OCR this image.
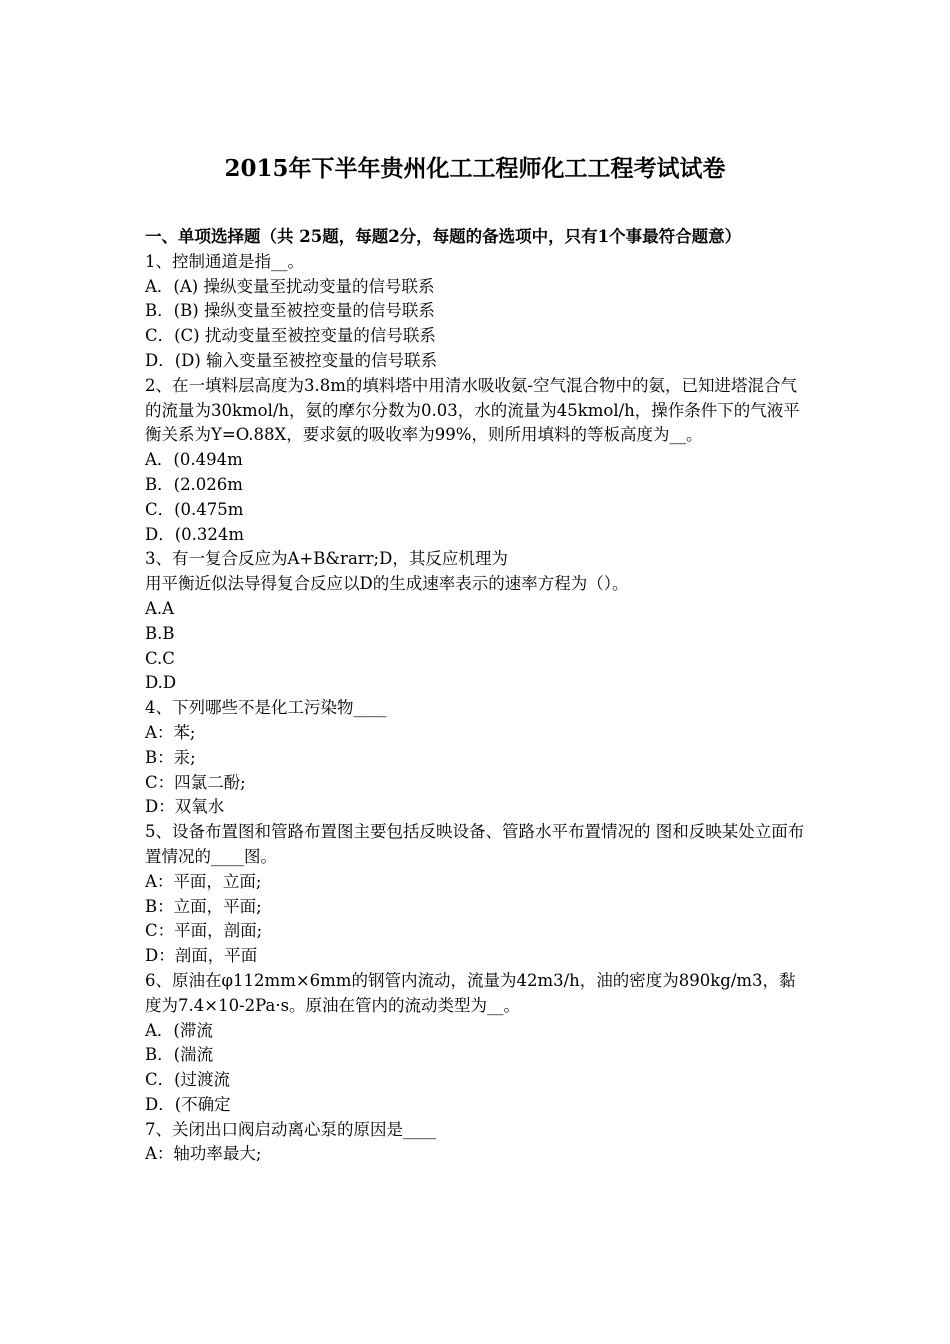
2015年下半年贵州化工工程师化工工程考试试卷
一、单项选择题（共 25题，每题2分，每题的备选项中，只有1个事最符合题意）
1、控制通道是指__。
A．(A) 操纵变量至扰动变量的信号联系
B．(B) 操纵变量至被控变量的信号联系
C．(C) 扰动变量至被控变量的信号联系
D．(D) 输入变量至被控变量的信号联系
2、在一填料层高度为3.8m的填料塔中用清水吸收氨-空气混合物中的氨，已知进塔混合气的流量为30kmol/h，氨的摩尔分数为0.03，水的流量为45kmol/h，操作条件下的气液平衡关系为Y=O.88X，要求氨的吸收率为99%，则所用填料的等板高度为__。
A．(0.494m
B．(2.026m
C．(0.475m
D．(0.324m
3、有一复合反应为A+B&rarr;D，其反应机理为
用平衡近似法导得复合反应以D的生成速率表示的速率方程为（）。
A.A
B.B
C.C
D.D
4、下列哪些不是化工污染物____
A：苯;
B：汞;
C：四氯二酚;
D：双氧水
5、设备布置图和管路布置图主要包括反映设备、管路水平布置情况的 图和反映某处立面布置情况的____图。
A：平面，立面;
B：立面，平面;
C：平面，剖面;
D：剖面，平面
6、原油在φ112mm×6mm的钢管内流动，流量为42m3/h，油的密度为890kg/m3，黏度为7.4×10-2Pa·s。原油在管内的流动类型为__。
A．(滞流
B．(湍流
C．(过渡流
D．(不确定
7、关闭出口阀启动离心泵的原因是____
A：轴功率最大;
